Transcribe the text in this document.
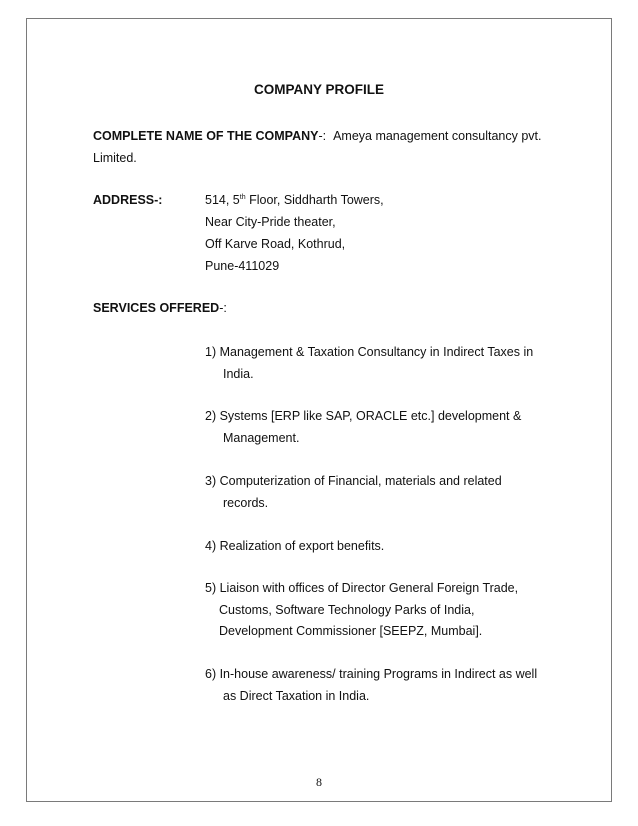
COMPANY PROFILE
COMPLETE NAME OF THE COMPANY-: Ameya management consultancy pvt.
Limited.
ADDRESS-:	514, 5th Floor, Siddharth Towers,
Near City-Pride theater,
Off Karve Road, Kothrud,
Pune-411029
SERVICES OFFERED-:
1) Management & Taxation Consultancy in Indirect Taxes in
India.
2) Systems [ERP like SAP, ORACLE etc.] development &
Management.
3) Computerization of Financial, materials and related
records.
4) Realization of export benefits.
5) Liaison with offices of Director General Foreign Trade,
Customs, Software Technology Parks of India,
Development Commissioner [SEEPZ, Mumbai].
6) In-house awareness/ training Programs in Indirect as well
as Direct Taxation in India.
8
